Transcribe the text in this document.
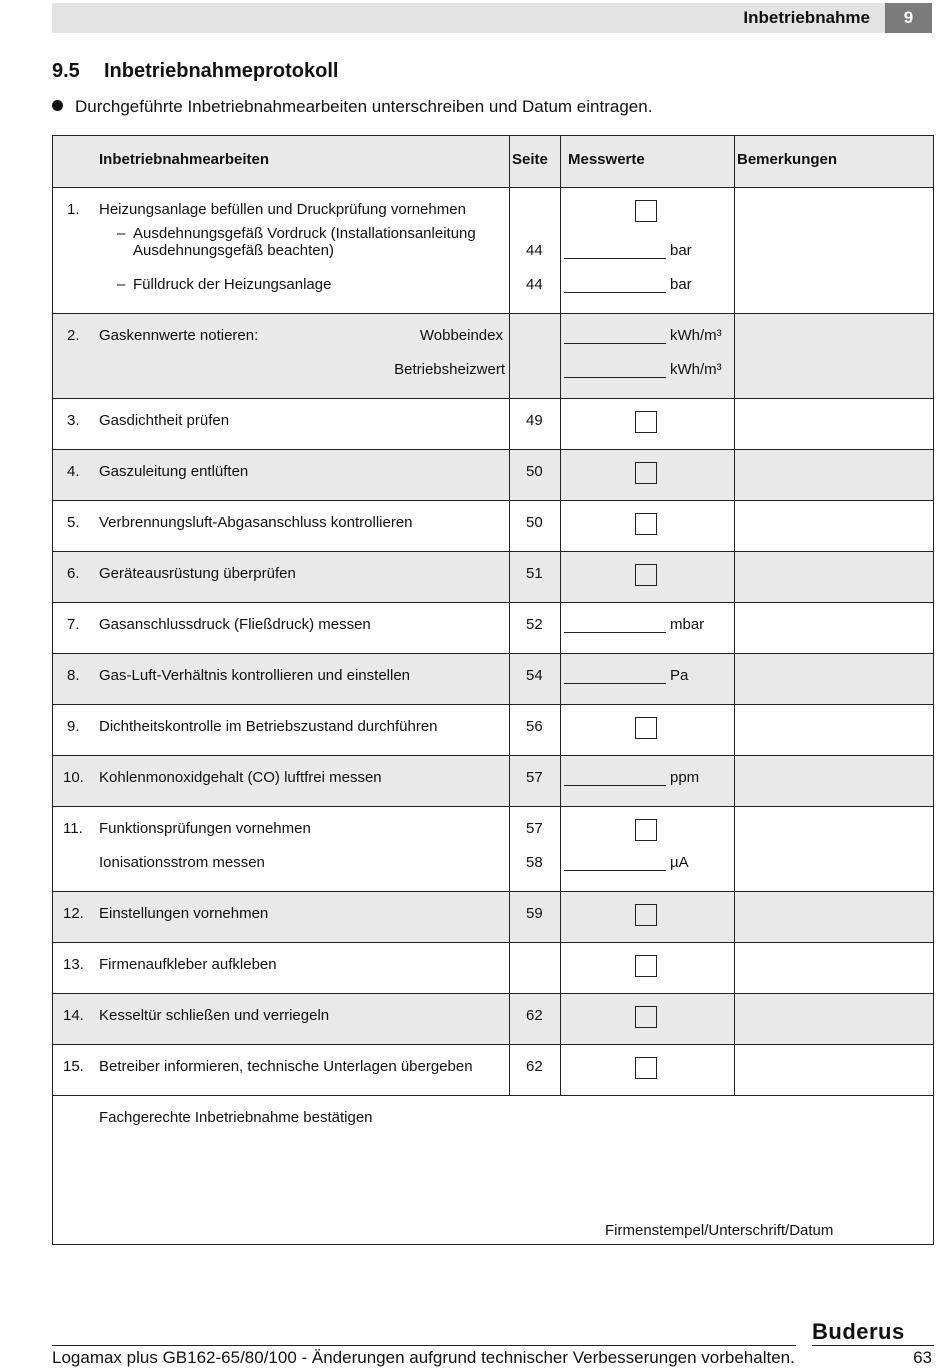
Inbetriebnahme	9
9.5 Inbetriebnahmeprotokoll
Durchgeführte Inbetriebnahmearbeiten unterschreiben und Datum eintragen.
Inbetriebnahmearbeiten	Seite Messwerte	Bemerkungen
1. Heizungsanlage befüllen und Druckprüfung vornehmen
– Ausdehnungsgefäß Vordruck (Installationsanleitung
Ausdehnungsgefäß beachten)	44	bar
– Fülldruck der Heizungsanlage	44	bar
2. Gaskennwerte notieren:	Wobbeindex	kWh/m³
Betriebsheizwert	kWh/m³
3. Gasdichtheit prüfen	49
4. Gaszuleitung entlüften	50
5. Verbrennungsluft-Abgasanschluss kontrollieren	50
6. Geräteausrüstung überprüfen	51
7. Gasanschlussdruck (Fließdruck) messen	52	mbar
8. Gas-Luft-Verhältnis kontrollieren und einstellen	54	Pa
9. Dichtheitskontrolle im Betriebszustand durchführen	56
10. Kohlenmonoxidgehalt (CO) luftfrei messen	57	ppm
11. Funktionsprüfungen vornehmen	57
Ionisationsstrom messen	58	µA
12. Einstellungen vornehmen	59
13. Firmenaufkleber aufkleben
14. Kesseltür schließen und verriegeln	62
15. Betreiber informieren, technische Unterlagen übergeben	62
Fachgerechte Inbetriebnahme bestätigen
Firmenstempel/Unterschrift/Datum
Buderus
Logamax plus GB162-65/80/100 - Änderungen aufgrund technischer Verbesserungen vorbehalten.	63
